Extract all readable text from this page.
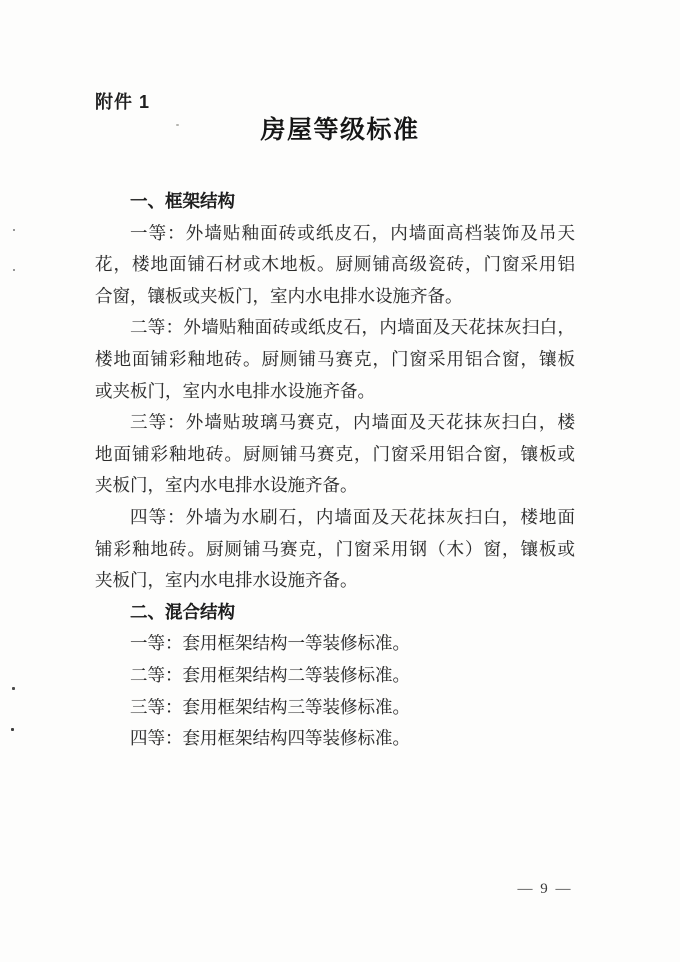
附件 1
房屋等级标准
一、框架结构
一等：外墙贴釉面砖或纸皮石，内墙面高档装饰及吊天
花，楼地面铺石材或木地板。厨厕铺高级瓷砖，门窗采用铝
合窗，镶板或夹板门，室内水电排水设施齐备。
二等：外墙贴釉面砖或纸皮石，内墙面及天花抹灰扫白，
楼地面铺彩釉地砖。厨厕铺马赛克，门窗采用铝合窗，镶板
或夹板门，室内水电排水设施齐备。
三等：外墙贴玻璃马赛克，内墙面及天花抹灰扫白，楼
地面铺彩釉地砖。厨厕铺马赛克，门窗采用铝合窗，镶板或
夹板门，室内水电排水设施齐备。
四等：外墙为水刷石，内墙面及天花抹灰扫白，楼地面
铺彩釉地砖。厨厕铺马赛克，门窗采用钢（木）窗，镶板或
夹板门，室内水电排水设施齐备。
二、混合结构
一等：套用框架结构一等装修标准。
二等：套用框架结构二等装修标准。
三等：套用框架结构三等装修标准。
四等：套用框架结构四等装修标准。
— 9 —
